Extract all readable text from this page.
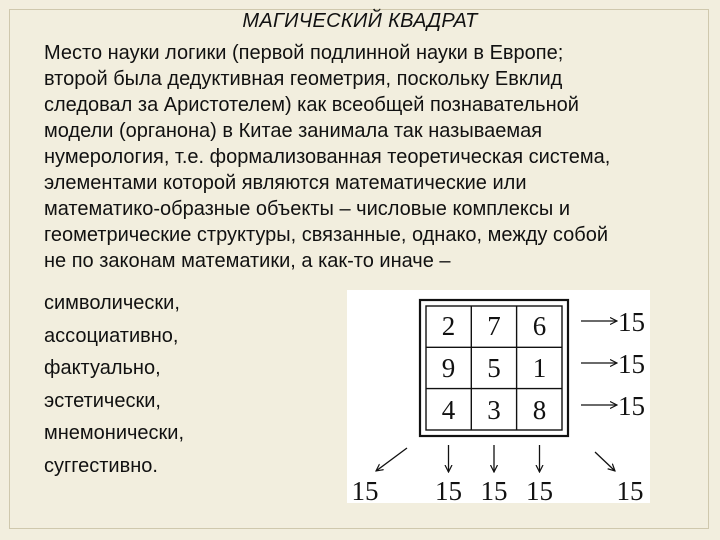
МАГИЧЕСКИЙ КВАДРАТ
Место науки логики (первой подлинной науки в Европе;
второй была дедуктивная геометрия, поскольку Евклид
следовал за Аристотелем) как всеобщей познавательной
модели (органона) в Китае занимала так называемая
нумерология, т.е. формализованная теоретическая система,
элементами которой являются математические или
математико-образные объекты – числовые комплексы и
геометрические структуры, связанные, однако, между собой
не по законам математики, а как-то иначе –
символически,
ассоциативно,
фактуально,
эстетически,
мнемонически,
суггестивно.
2 7 6
9 5 1
4 3 8
15
15
15
15 15 15 15 15
